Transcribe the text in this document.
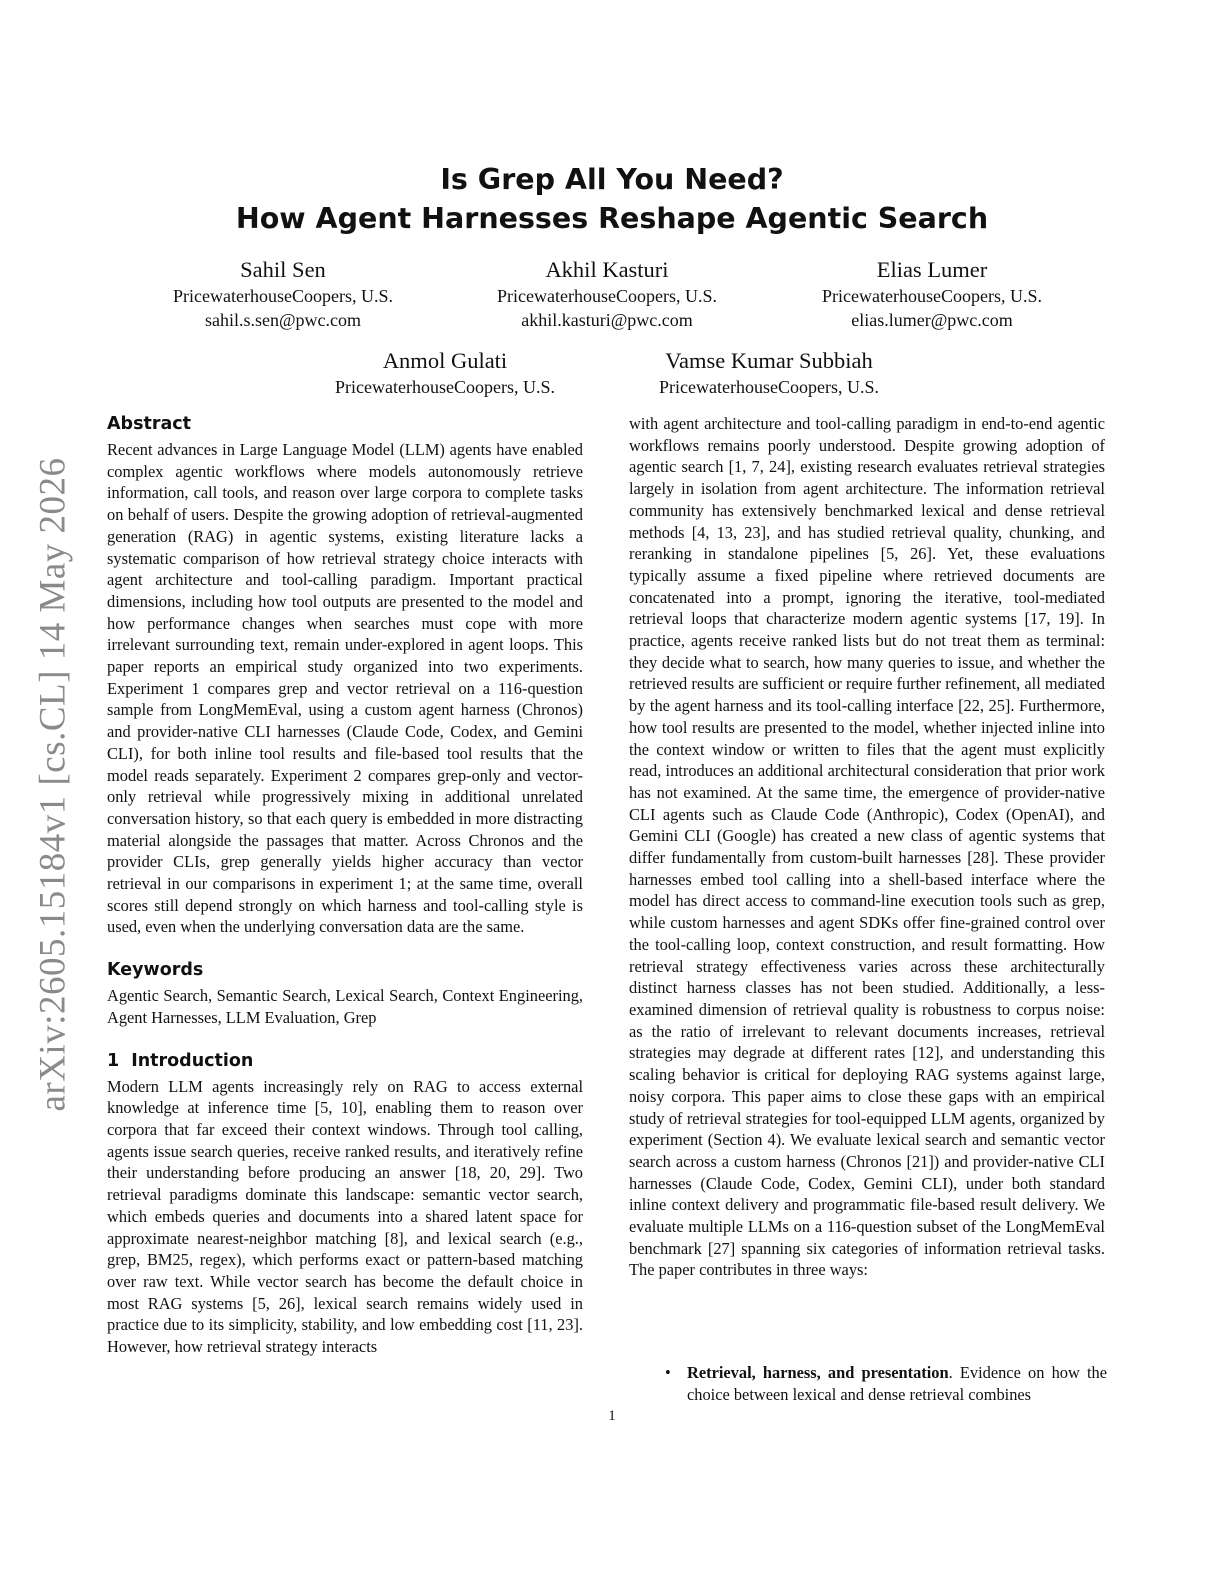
arXiv:2605.15184v1 [cs.CL] 14 May 2026
Is Grep All You Need?
How Agent Harnesses Reshape Agentic Search
Sahil Sen
PricewaterhouseCoopers, U.S.
sahil.s.sen@pwc.com
Akhil Kasturi
PricewaterhouseCoopers, U.S.
akhil.kasturi@pwc.com
Elias Lumer
PricewaterhouseCoopers, U.S.
elias.lumer@pwc.com
Anmol Gulati
PricewaterhouseCoopers, U.S.
Vamse Kumar Subbiah
PricewaterhouseCoopers, U.S.
Abstract

Recent advances in Large Language Model (LLM) agents have enabled complex agentic workflows where models autonomously retrieve information, call tools, and reason over large corpora to complete tasks on behalf of users. Despite the growing adoption of retrieval-augmented generation (RAG) in agentic systems, existing literature lacks a systematic comparison of how retrieval strategy choice interacts with agent architecture and tool-calling paradigm. Important practical dimensions, including how tool outputs are presented to the model and how performance changes when searches must cope with more irrelevant surrounding text, remain under-explored in agent loops. This paper reports an empirical study organized into two experiments. Experiment 1 compares grep and vector retrieval on a 116-question sample from LongMemEval, using a custom agent harness (Chronos) and provider-native CLI harnesses (Claude Code, Codex, and Gemini CLI), for both inline tool results and file-based tool results that the model reads separately. Experiment 2 compares grep-only and vector-only retrieval while progressively mixing in additional unrelated conversation history, so that each query is embedded in more distracting material alongside the passages that matter. Across Chronos and the provider CLIs, grep generally yields higher accuracy than vector retrieval in our comparisons in experiment 1; at the same time, overall scores still depend strongly on which harness and tool-calling style is used, even when the underlying conversation data are the same.

Keywords

Agentic Search, Semantic Search, Lexical Search, Context Engineering, Agent Harnesses, LLM Evaluation, Grep

1 Introduction

Modern LLM agents increasingly rely on RAG to access external knowledge at inference time [5, 10], enabling them to reason over corpora that far exceed their context windows. Through tool calling, agents issue search queries, receive ranked results, and iteratively refine their understanding before producing an answer [18, 20, 29]. Two retrieval paradigms dominate this landscape: semantic vector search, which embeds queries and documents into a shared latent space for approximate nearest-neighbor matching [8], and lexical search (e.g., grep, BM25, regex), which performs exact or pattern-based matching over raw text. While vector search has become the default choice in most RAG systems [5, 26], lexical search remains widely used in practice due to its simplicity, stability, and low embedding cost [11, 23]. However, how retrieval strategy interacts

with agent architecture and tool-calling paradigm in end-to-end agentic workflows remains poorly understood. Despite growing adoption of agentic search [1, 7, 24], existing research evaluates retrieval strategies largely in isolation from agent architecture. The information retrieval community has extensively benchmarked lexical and dense retrieval methods [4, 13, 23], and has studied retrieval quality, chunking, and reranking in standalone pipelines [5, 26]. Yet, these evaluations typically assume a fixed pipeline where retrieved documents are concatenated into a prompt, ignoring the iterative, tool-mediated retrieval loops that characterize modern agentic systems [17, 19]. In practice, agents receive ranked lists but do not treat them as terminal: they decide what to search, how many queries to issue, and whether the retrieved results are sufficient or require further refinement, all mediated by the agent harness and its tool-calling interface [22, 25]. Furthermore, how tool results are presented to the model, whether injected inline into the context window or written to files that the agent must explicitly read, introduces an additional architectural consideration that prior work has not examined. At the same time, the emergence of provider-native CLI agents such as Claude Code (Anthropic), Codex (OpenAI), and Gemini CLI (Google) has created a new class of agentic systems that differ fundamentally from custom-built harnesses [28]. These provider harnesses embed tool calling into a shell-based interface where the model has direct access to command-line execution tools such as grep, while custom harnesses and agent SDKs offer fine-grained control over the tool-calling loop, context construction, and result formatting. How retrieval strategy effectiveness varies across these architecturally distinct harness classes has not been studied. Additionally, a less-examined dimension of retrieval quality is robustness to corpus noise: as the ratio of irrelevant to relevant documents increases, retrieval strategies may degrade at different rates [12], and understanding this scaling behavior is critical for deploying RAG systems against large, noisy corpora. This paper aims to close these gaps with an empirical study of retrieval strategies for tool-equipped LLM agents, organized by experiment (Section 4). We evaluate lexical search and semantic vector search across a custom harness (Chronos [21]) and provider-native CLI harnesses (Claude Code, Codex, Gemini CLI), under both standard inline context delivery and programmatic file-based result delivery. We evaluate multiple LLMs on a 116-question subset of the LongMemEval benchmark [27] spanning six categories of information retrieval tasks. The paper contributes in three ways:

• Retrieval, harness, and presentation. Evidence on how the choice between lexical and dense retrieval combines
1
